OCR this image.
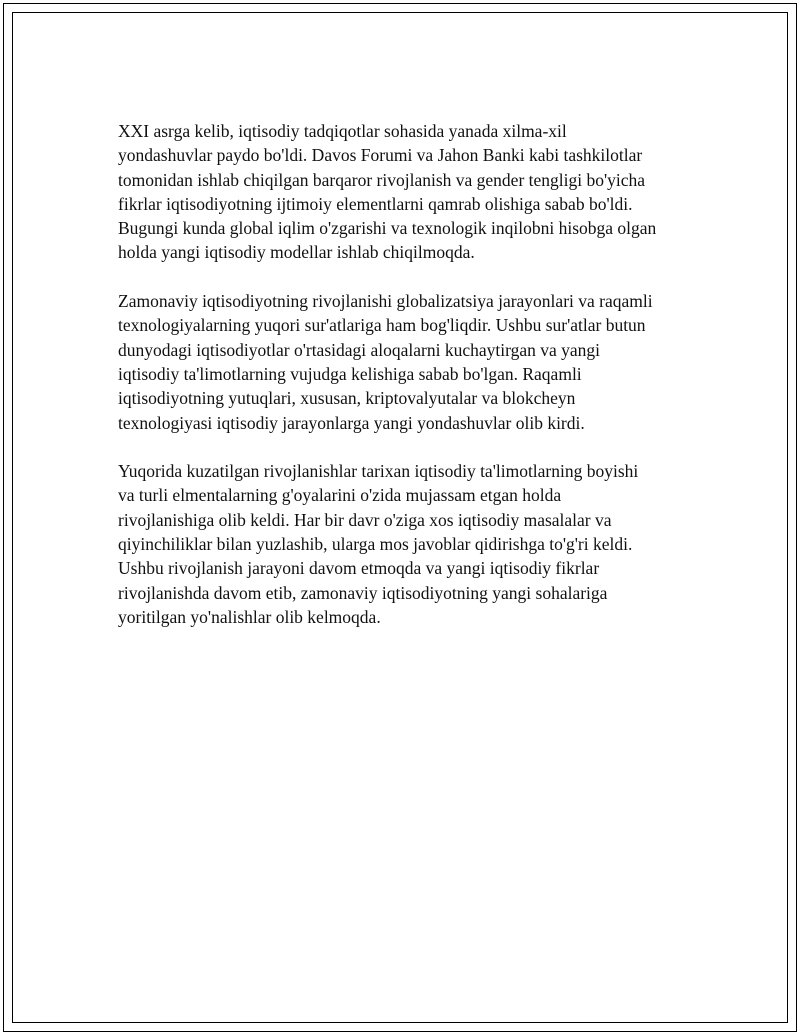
XXI asrga kelib, iqtisodiy tadqiqotlar sohasida yanada xilma-xil
yondashuvlar paydo bo'ldi. Davos Forumi va Jahon Banki kabi tashkilotlar
tomonidan ishlab chiqilgan barqaror rivojlanish va gender tengligi bo'yicha
fikrlar iqtisodiyotning ijtimoiy elementlarni qamrab olishiga sabab bo'ldi.
Bugungi kunda global iqlim o'zgarishi va texnologik inqilobni hisobga olgan
holda yangi iqtisodiy modellar ishlab chiqilmoqda.

Zamonaviy iqtisodiyotning rivojlanishi globalizatsiya jarayonlari va raqamli
texnologiyalarning yuqori sur'atlariga ham bog'liqdir. Ushbu sur'atlar butun
dunyodagi iqtisodiyotlar o'rtasidagi aloqalarni kuchaytirgan va yangi
iqtisodiy ta'limotlarning vujudga kelishiga sabab bo'lgan. Raqamli
iqtisodiyotning yutuqlari, xususan, kriptovalyutalar va blokcheyn
texnologiyasi iqtisodiy jarayonlarga yangi yondashuvlar olib kirdi.

Yuqorida kuzatilgan rivojlanishlar tarixan iqtisodiy ta'limotlarning boyishi
va turli elmentalarning g'oyalarini o'zida mujassam etgan holda
rivojlanishiga olib keldi. Har bir davr o'ziga xos iqtisodiy masalalar va
qiyinchiliklar bilan yuzlashib, ularga mos javoblar qidirishga to'g'ri keldi.
Ushbu rivojlanish jarayoni davom etmoqda va yangi iqtisodiy fikrlar
rivojlanishda davom etib, zamonaviy iqtisodiyotning yangi sohalariga
yoritilgan yo'nalishlar olib kelmoqda.
